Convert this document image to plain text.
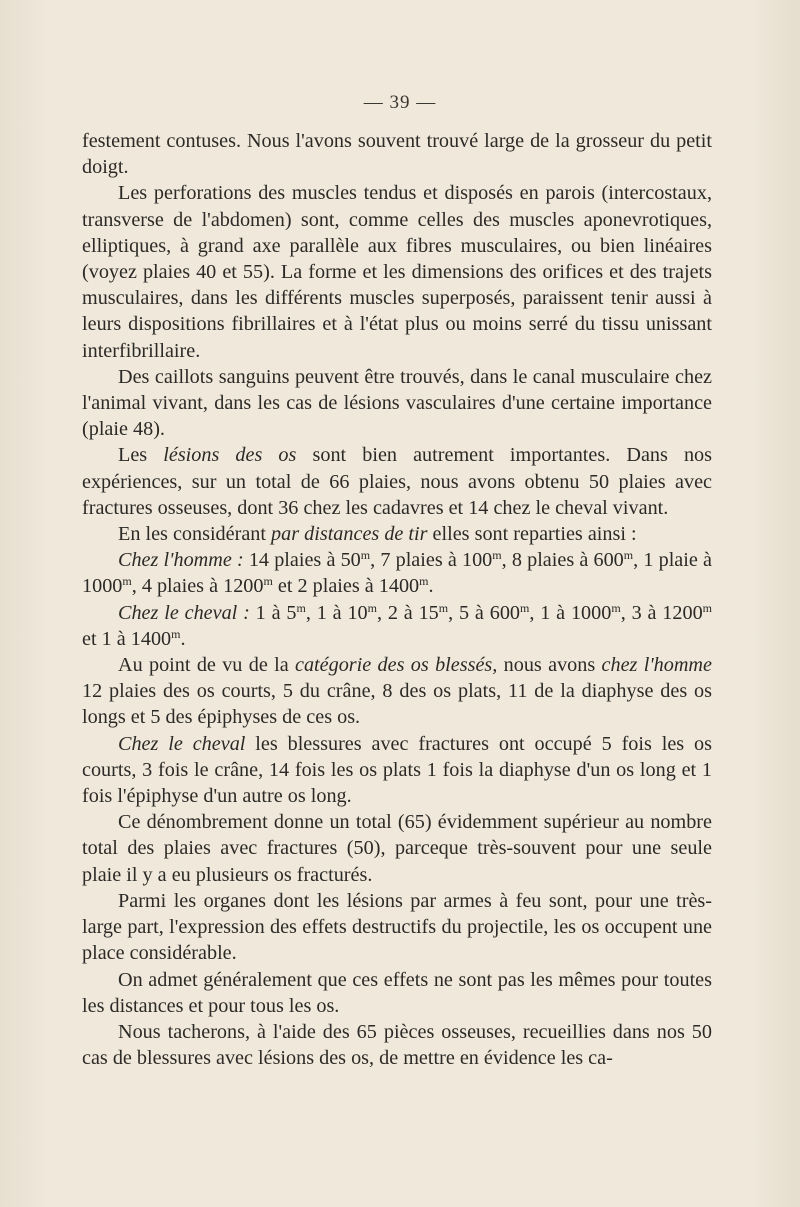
— 39 —

festement contuses. Nous l'avons souvent trouvé large de la grosseur du petit doigt.

Les perforations des muscles tendus et disposés en parois (intercostaux, transverse de l'abdomen) sont, comme celles des muscles aponevrotiques, elliptiques, à grand axe parallèle aux fibres musculaires, ou bien linéaires (voyez plaies 40 et 55). La forme et les dimensions des orifices et des trajets musculaires, dans les différents muscles superposés, paraissent tenir aussi à leurs dispositions fibrillaires et à l'état plus ou moins serré du tissu unissant interfibrillaire.

Des caillots sanguins peuvent être trouvés, dans le canal musculaire chez l'animal vivant, dans les cas de lésions vasculaires d'une certaine importance (plaie 48).

Les lésions des os sont bien autrement importantes. Dans nos expériences, sur un total de 66 plaies, nous avons obtenu 50 plaies avec fractures osseuses, dont 36 chez les cadavres et 14 chez le cheval vivant.

En les considérant par distances de tir elles sont reparties ainsi :

Chez l'homme : 14 plaies à 50$^m$, 7 plaies à 100$^m$, 8 plaies à 600$^m$, 1 plaie à 1000$^m$, 4 plaies à 1200$^m$ et 2 plaies à 1400$^m$.

Chez le cheval : 1 à 5$^m$, 1 à 10$^m$, 2 à 15$^m$, 5 à 600$^m$, 1 à 1000$^m$, 3 à 1200$^m$ et 1 à 1400$^m$.

Au point de vu de la catégorie des os blessés, nous avons chez l'homme 12 plaies des os courts, 5 du crâne, 8 des os plats, 11 de la diaphyse des os longs et 5 des épiphyses de ces os.

Chez le cheval les blessures avec fractures ont occupé 5 fois les os courts, 3 fois le crâne, 14 fois les os plats 1 fois la diaphyse d'un os long et 1 fois l'épiphyse d'un autre os long.

Ce dénombrement donne un total (65) évidemment supérieur au nombre total des plaies avec fractures (50), parceque très-souvent pour une seule plaie il y a eu plusieurs os fracturés.

Parmi les organes dont les lésions par armes à feu sont, pour une très-large part, l'expression des effets destructifs du projectile, les os occupent une place considérable.

On admet généralement que ces effets ne sont pas les mêmes pour toutes les distances et pour tous les os.

Nous tacherons, à l'aide des 65 pièces osseuses, recueillies dans nos 50 cas de blessures avec lésions des os, de mettre en évidence les ca-
